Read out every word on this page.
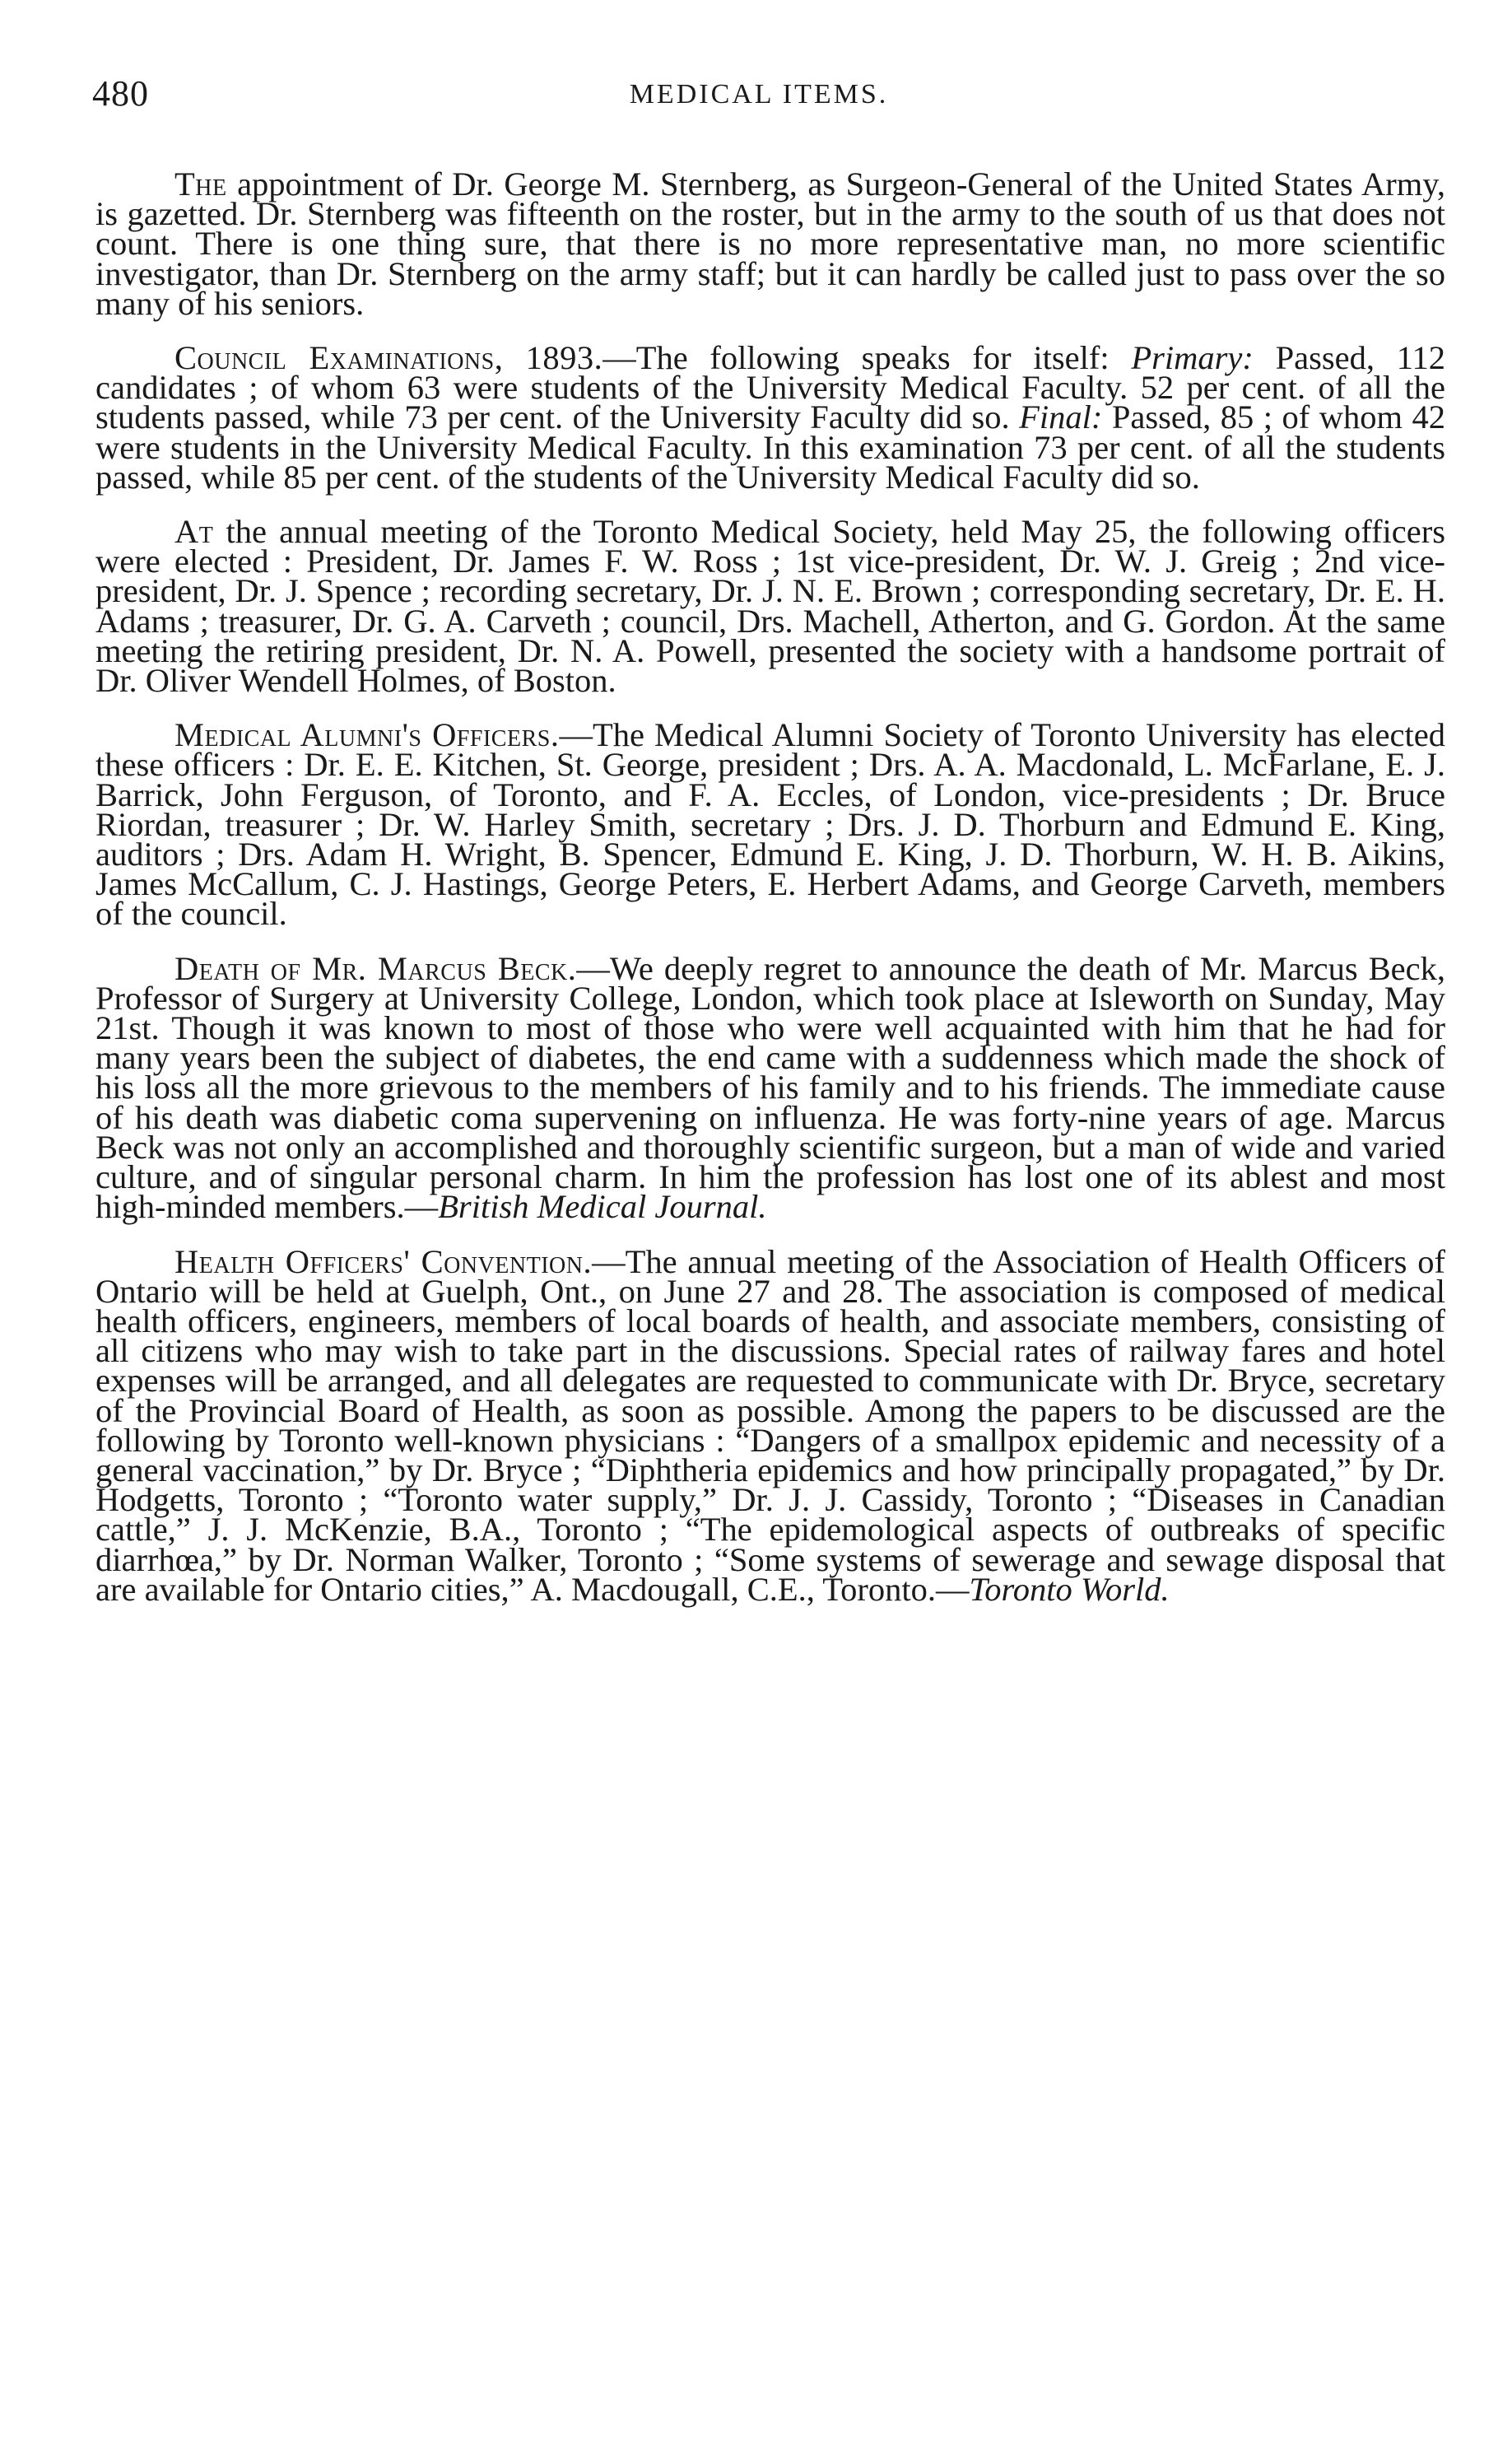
480	MEDICAL ITEMS.

The appointment of Dr. George M. Sternberg, as Surgeon-General of the United States Army, is gazetted. Dr. Sternberg was fifteenth on the roster, but in the army to the south of us that does not count. There is one thing sure, that there is no more representative man, no more scientific investigator, than Dr. Sternberg on the army staff; but it can hardly be called just to pass over the so many of his seniors.

Council Examinations, 1893.—The following speaks for itself: Primary: Passed, 112 candidates ; of whom 63 were students of the University Medical Faculty. 52 per cent. of all the students passed, while 73 per cent. of the University Faculty did so. Final: Passed, 85 ; of whom 42 were students in the University Medical Faculty. In this examination 73 per cent. of all the students passed, while 85 per cent. of the students of the University Medical Faculty did so.

At the annual meeting of the Toronto Medical Society, held May 25, the following officers were elected : President, Dr. James F. W. Ross ; 1st vice-president, Dr. W. J. Greig ; 2nd vice-president, Dr. J. Spence ; recording secretary, Dr. J. N. E. Brown ; corresponding secretary, Dr. E. H. Adams ; treasurer, Dr. G. A. Carveth ; council, Drs. Machell, Atherton, and G. Gordon. At the same meeting the retiring president, Dr. N. A. Powell, presented the society with a handsome portrait of Dr. Oliver Wendell Holmes, of Boston.

Medical Alumni's Officers.—The Medical Alumni Society of Toronto University has elected these officers : Dr. E. E. Kitchen, St. George, president ; Drs. A. A. Macdonald, L. McFarlane, E. J. Barrick, John Ferguson, of Toronto, and F. A. Eccles, of London, vice-presidents ; Dr. Bruce Riordan, treasurer ; Dr. W. Harley Smith, secretary ; Drs. J. D. Thorburn and Edmund E. King, auditors ; Drs. Adam H. Wright, B. Spencer, Edmund E. King, J. D. Thorburn, W. H. B. Aikins, James McCallum, C. J. Hastings, George Peters, E. Herbert Adams, and George Carveth, members of the council.

Death of Mr. Marcus Beck.—We deeply regret to announce the death of Mr. Marcus Beck, Professor of Surgery at University College, London, which took place at Isleworth on Sunday, May 21st. Though it was known to most of those who were well acquainted with him that he had for many years been the subject of diabetes, the end came with a suddenness which made the shock of his loss all the more grievous to the members of his family and to his friends. The immediate cause of his death was diabetic coma supervening on influenza. He was forty-nine years of age. Marcus Beck was not only an accomplished and thoroughly scientific surgeon, but a man of wide and varied culture, and of singular personal charm. In him the profession has lost one of its ablest and most high-minded members.—British Medical Journal.

Health Officers' Convention.—The annual meeting of the Association of Health Officers of Ontario will be held at Guelph, Ont., on June 27 and 28. The association is composed of medical health officers, engineers, members of local boards of health, and associate members, consisting of all citizens who may wish to take part in the discussions. Special rates of railway fares and hotel expenses will be arranged, and all delegates are requested to communicate with Dr. Bryce, secretary of the Provincial Board of Health, as soon as possible. Among the papers to be discussed are the following by Toronto well-known physicians : “Dangers of a smallpox epidemic and necessity of a general vaccination,” by Dr. Bryce ; “Diphtheria epidemics and how principally propagated,” by Dr. Hodgetts, Toronto ; “Toronto water supply,” Dr. J. J. Cassidy, Toronto ; “Diseases in Canadian cattle,” J. J. McKenzie, B.A., Toronto ; “The epidemological aspects of outbreaks of specific diarrhœa,” by Dr. Norman Walker, Toronto ; “Some systems of sewerage and sewage disposal that are available for Ontario cities,” A. Macdougall, C.E., Toronto.—Toronto World.
